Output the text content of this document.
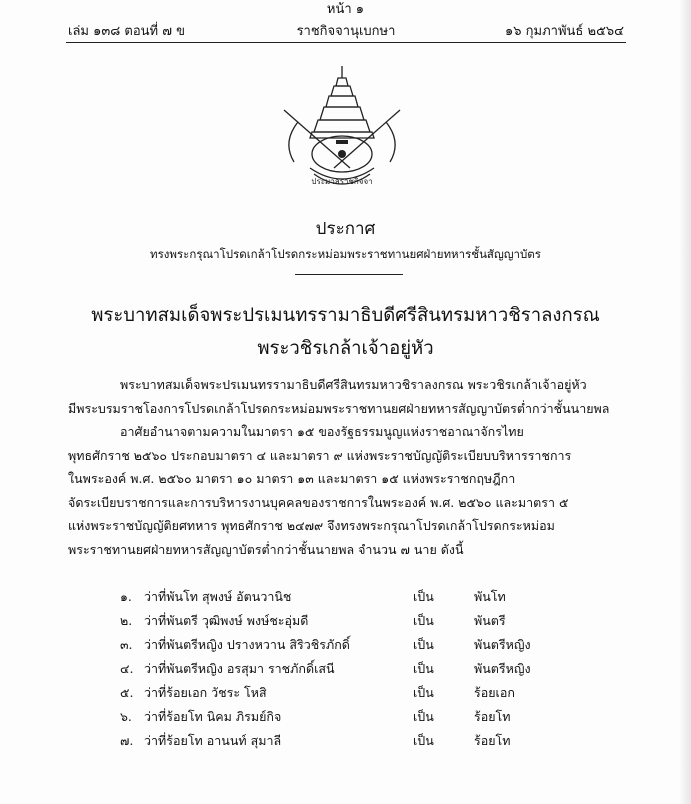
หน้า ๑
เล่ม ๑๓๘ ตอนที่ ๗ ข	ราชกิจจานุเบกษา	๑๖ กุมภาพันธ์ ๒๕๖๔
ประมวลราชกิจจา
ประกาศ
ทรงพระกรุณาโปรดเกล้าโปรดกระหม่อมพระราชทานยศฝ่ายทหารชั้นสัญญาบัตร
พระบาทสมเด็จพระปรเมนทรรามาธิบดีศรีสินทรมหาวชิราลงกรณ
พระวชิรเกล้าเจ้าอยู่หัว
พระบาทสมเด็จพระปรเมนทรรามาธิบดีศรีสินทรมหาวชิราลงกรณ พระวชิรเกล้าเจ้าอยู่หัว
มีพระบรมราชโองการโปรดเกล้าโปรดกระหม่อมพระราชทานยศฝ่ายทหารสัญญาบัตรต่ำกว่าชั้นนายพล
อาศัยอำนาจตามความในมาตรา ๑๕ ของรัฐธรรมนูญแห่งราชอาณาจักรไทย
พุทธศักราช ๒๕๖๐ ประกอบมาตรา ๔ และมาตรา ๙ แห่งพระราชบัญญัติระเบียบบริหารราชการ
ในพระองค์ พ.ศ. ๒๕๖๐ มาตรา ๑๐ มาตรา ๑๓ และมาตรา ๑๕ แห่งพระราชกฤษฎีกา
จัดระเบียบราชการและการบริหารงานบุคคลของราชการในพระองค์ พ.ศ. ๒๕๖๐ และมาตรา ๕
แห่งพระราชบัญญัติยศทหาร พุทธศักราช ๒๔๗๙ จึงทรงพระกรุณาโปรดเกล้าโปรดกระหม่อม
พระราชทานยศฝ่ายทหารสัญญาบัตรต่ำกว่าชั้นนายพล จำนวน ๗ นาย ดังนี้
๑. ว่าที่พันโท สุพงษ์ อัตนวานิช	เป็น	พันโท
๒. ว่าที่พันตรี วุฒิพงษ์ พงษ์ชะอุ่มดี	เป็น	พันตรี
๓. ว่าที่พันตรีหญิง ปรางหวาน สิริวชิรภักดิ์	เป็น	พันตรีหญิง
๔. ว่าที่พันตรีหญิง อรสุมา ราชภักดิ์เสนี	เป็น	พันตรีหญิง
๕. ว่าที่ร้อยเอก วัชระ โหสิ	เป็น	ร้อยเอก
๖. ว่าที่ร้อยโท นิคม ภิรมย์กิจ	เป็น	ร้อยโท
๗. ว่าที่ร้อยโท อานนท์ สุมาลี	เป็น	ร้อยโท
